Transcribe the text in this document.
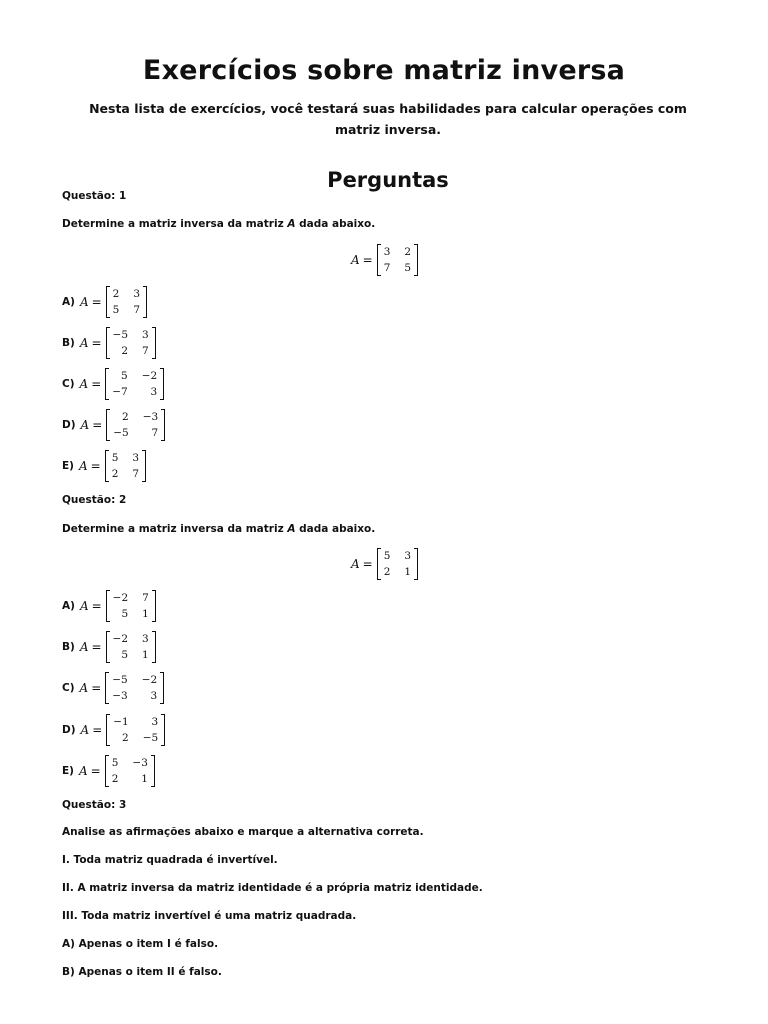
Exercícios sobre matriz inversa
Nesta lista de exercícios, você testará suas habilidades para calcular operações com matriz inversa.
Perguntas
Questão: 1
Determine a matriz inversa da matriz A dada abaixo.
A =
3 2
7 5
A) A =
2 3
5 7
B) A =
−5 3
2 7
C) A =
5 −2
−7	3
D) A =
2 −3
−5	7
E) A =
5 3
2 7
Questão: 2
Determine a matriz inversa da matriz A dada abaixo.
A =
5 3
2 1
A) A =
−2 7
5 1
B) A =
−2 3
5 1
C) A =
−5 −2
−3	3
D) A =
−1	3
2 −5
E) A =
5 −3
2	1
Questão: 3
Analise as afirmações abaixo e marque a alternativa correta.
I. Toda matriz quadrada é invertível.
II. A matriz inversa da matriz identidade é a própria matriz identidade.
III. Toda matriz invertível é uma matriz quadrada.
A) Apenas o item I é falso.
B) Apenas o item II é falso.
